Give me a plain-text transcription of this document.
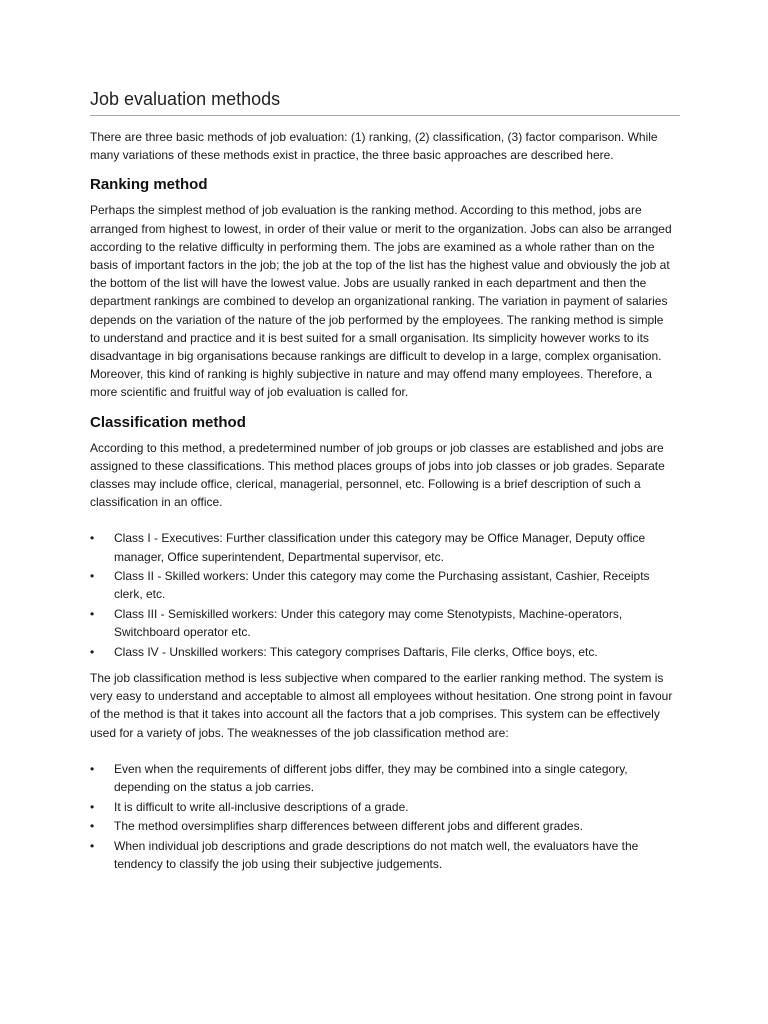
Job evaluation methods

There are three basic methods of job evaluation: (1) ranking, (2) classification, (3) factor comparison. While many variations of these methods exist in practice, the three basic approaches are described here.

Ranking method

Perhaps the simplest method of job evaluation is the ranking method. According to this method, jobs are arranged from highest to lowest, in order of their value or merit to the organization. Jobs can also be arranged according to the relative difficulty in performing them. The jobs are examined as a whole rather than on the basis of important factors in the job; the job at the top of the list has the highest value and obviously the job at the bottom of the list will have the lowest value. Jobs are usually ranked in each department and then the department rankings are combined to develop an organizational ranking. The variation in payment of salaries depends on the variation of the nature of the job performed by the employees. The ranking method is simple to understand and practice and it is best suited for a small organisation. Its simplicity however works to its disadvantage in big organisations because rankings are difficult to develop in a large, complex organisation. Moreover, this kind of ranking is highly subjective in nature and may offend many employees. Therefore, a more scientific and fruitful way of job evaluation is called for.

Classification method

According to this method, a predetermined number of job groups or job classes are established and jobs are assigned to these classifications. This method places groups of jobs into job classes or job grades. Separate classes may include office, clerical, managerial, personnel, etc. Following is a brief description of such a classification in an office.

• Class I - Executives: Further classification under this category may be Office Manager, Deputy office manager, Office superintendent, Departmental supervisor, etc.
• Class II - Skilled workers: Under this category may come the Purchasing assistant, Cashier, Receipts clerk, etc.
• Class III - Semiskilled workers: Under this category may come Stenotypists, Machine-operators, Switchboard operator etc.
• Class IV - Unskilled workers: This category comprises Daftaris, File clerks, Office boys, etc.

The job classification method is less subjective when compared to the earlier ranking method. The system is very easy to understand and acceptable to almost all employees without hesitation. One strong point in favour of the method is that it takes into account all the factors that a job comprises. This system can be effectively used for a variety of jobs. The weaknesses of the job classification method are:

• Even when the requirements of different jobs differ, they may be combined into a single category, depending on the status a job carries.
• It is difficult to write all-inclusive descriptions of a grade.
• The method oversimplifies sharp differences between different jobs and different grades.
• When individual job descriptions and grade descriptions do not match well, the evaluators have the tendency to classify the job using their subjective judgements.
